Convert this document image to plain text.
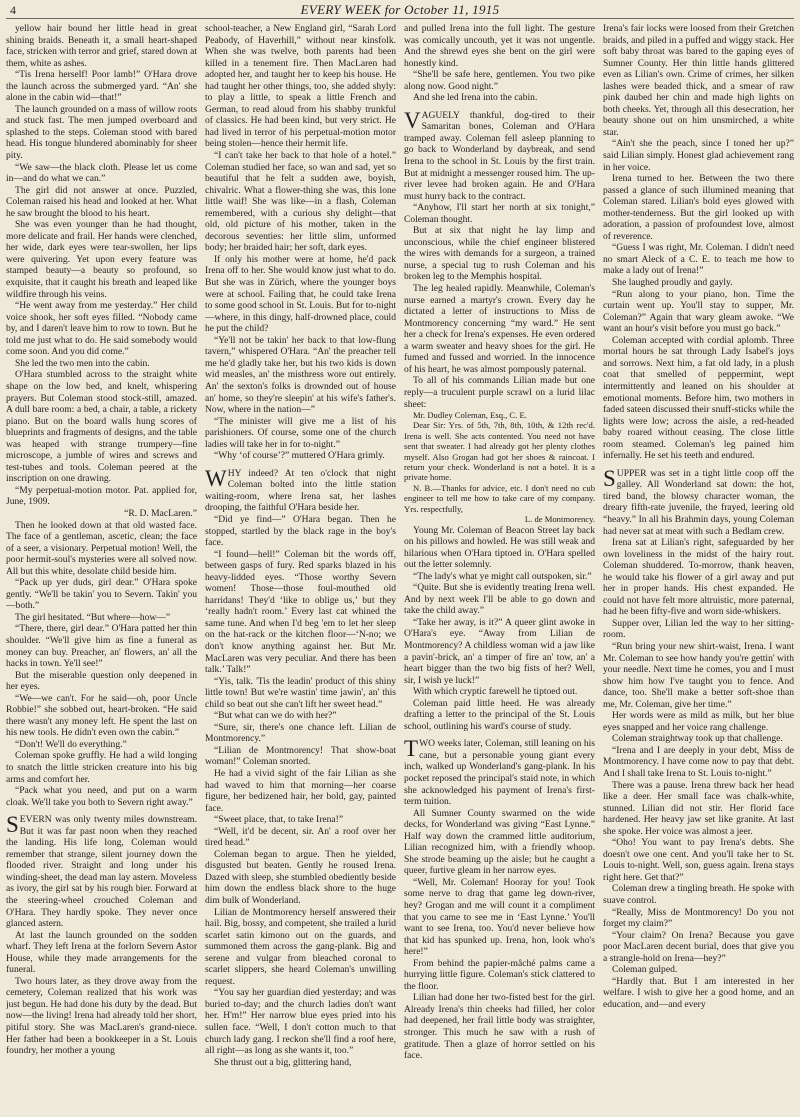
4	EVERY WEEK for October 11, 1915

yellow hair bound her little head in great shining braids. Beneath it, a small heart-shaped face, stricken with terror and grief, stared down at them, white as ashes.

“Tis Irena herself! Poor lamb!” O'Hara drove the launch across the submerged yard. “An' she alone in the cabin wid—that!”

The launch grounded on a mass of willow roots and stuck fast. The men jumped overboard and splashed to the steps. Coleman stood with bared head. His tongue blundered abominably for sheer pity.

“We saw—the black cloth. Please let us come in—and do what we can.”

The girl did not answer at once. Puzzled, Coleman raised his head and looked at her. What he saw brought the blood to his heart.

She was even younger than he had thought, more delicate and frail. Her hands were clenched, her wide, dark eyes were tear-swollen, her lips were quivering. Yet upon every feature was stamped beauty—a beauty so profound, so exquisite, that it caught his breath and leaped like wildfire through his veins.

“He went away from me yesterday.” Her child voice shook, her soft eyes filled. “Nobody came by, and I daren't leave him to row to town. But he told me just what to do. He said somebody would come soon. And you did come.”

She led the two men into the cabin.

O'Hara stumbled across to the straight white shape on the low bed, and knelt, whispering prayers. But Coleman stood stock-still, amazed. A dull bare room: a bed, a chair, a table, a rickety piano. But on the board walls hung scores of blueprints and fragments of designs, and the table was heaped with strange trumpery—fine microscope, a jumble of wires and screws and test-tubes and tools. Coleman peered at the inscription on one drawing.

“My perpetual-motion motor. Pat. applied for, June, 1909.

“R. D. MacLaren.”

Then he looked down at that old wasted face. The face of a gentleman, ascetic, clean; the face of a seer, a visionary. Perpetual motion! Well, the poor hermit-soul's mysteries were all solved now. All but this white, desolate child beside him.

“Pack up yer duds, girl dear.” O'Hara spoke gently. “We'll be takin' you to Severn. Takin' you—both.”

The girl hesitated. “But where—how—”

“There, there, girl dear.” O'Hara patted her thin shoulder. “We'll give him as fine a funeral as money can buy. Preacher, an' flowers, an' all the hacks in town. Ye'll see!”

But the miserable question only deepened in her eyes.

“We—we can't. For he said—oh, poor Uncle Robbie!” she sobbed out, heart-broken. “He said there wasn't any money left. He spent the last on his new tools. He didn't even own the cabin.”

“Don't! We'll do everything.”

Coleman spoke gruffly. He had a wild longing to snatch the little stricken creature into his big arms and comfort her.

“Pack what you need, and put on a warm cloak. We'll take you both to Severn right away.”

SEVERN was only twenty miles downstream. But it was far past noon when they reached the landing. His life long, Coleman would remember that strange, silent journey down the flooded river. Straight and long under his winding-sheet, the dead man lay astern. Moveless as ivory, the girl sat by his rough bier. Forward at the steering-wheel crouched Coleman and O'Hara. They hardly spoke. They never once glanced astern.

At last the launch grounded on the sodden wharf. They left Irena at the forlorn Severn Astor House, while they made arrangements for the funeral.

Two hours later, as they drove away from the cemetery, Coleman realized that his work was just begun. He had done his duty by the dead. But now—the living! Irena had already told her short, pitiful story. She was MacLaren's grand-niece. Her father had been a bookkeeper in a St. Louis foundry, her mother a young

school-teacher, a New England girl, “Sarah Lord Peabody, of Haverhill,” without near kinsfolk. When she was twelve, both parents had been killed in a tenement fire. Then MacLaren had adopted her, and taught her to keep his house. He had taught her other things, too, she added shyly: to play a little, to speak a little French and German, to read aloud from his shabby trunkful of classics. He had been kind, but very strict. He had lived in terror of his perpetual-motion motor being stolen—hence their hermit life.

“I can't take her back to that hole of a hotel.” Coleman studied her face, so wan and sad, yet so beautiful that he felt a sudden awe, boyish, chivalric. What a flower-thing she was, this lone little waif! She was like—in a flash, Coleman remembered, with a curious shy delight—that old, old picture of his mother, taken in the decorous seventies: her little slim, unformed body; her braided hair; her soft, dark eyes.

If only his mother were at home, he'd pack Irena off to her. She would know just what to do. But she was in Zürich, where the younger boys were at school. Failing that, he could take Irena to some good school in St. Louis. But for to-night—where, in this dingy, half-drowned place, could he put the child?

“Ye'll not be takin' her back to that low-flung tavern,” whispered O'Hara. “An' the preacher tell me he'd gladly take her, but his two kids is down wid measles, an' the misthress wore out entirely. An' the sexton's folks is drownded out of house an' home, so they're sleepin' at his wife's father's. Now, where in the nation—”

“The minister will give me a list of his parishioners. Of course, some one of the church ladies will take her in for to-night.”

“Why ‘of course’?” muttered O'Hara grimly.

WHY indeed? At ten o'clock that night Coleman bolted into the little station waiting-room, where Irena sat, her lashes drooping, the faithful O'Hara beside her.

“Did ye find—” O'Hara began. Then he stopped, startled by the black rage in the boy's face.

“I found—hell!” Coleman bit the words off, between gasps of fury. Red sparks blazed in his heavy-lidded eyes. “Those worthy Severn women! Those—those foul-mouthed old harridans! They'd ‘like to oblige us,’ but they ‘really hadn't room.’ Every last cat whined the same tune. And when I'd beg 'em to let her sleep on the hat-rack or the kitchen floor—‘N-no; we don't know anything against her. But Mr. MacLaren was very peculiar. And there has been talk.’ Talk!”

“Yis, talk. 'Tis the leadin' product of this shiny little town! But we're wastin' time jawin', an' this child so beat out she can't lift her sweet head.”

“But what can we do with her?”

“Sure, sir, there's one chance left. Lilian de Montmorency.”

“Lilian de Montmorency! That show-boat woman!” Coleman snorted.

He had a vivid sight of the fair Lilian as she had waved to him that morning—her coarse figure, her bedizened hair, her bold, gay, painted face.

“Sweet place, that, to take Irena!”

“Well, it'd be decent, sir. An' a roof over her tired head.”

Coleman began to argue. Then he yielded, disgusted but beaten. Gently he roused Irena. Dazed with sleep, she stumbled obediently beside him down the endless black shore to the huge dim bulk of Wonderland.

Lilian de Montmorency herself answered their hail. Big, bossy, and competent, she trailed a lurid scarlet satin kimono out on the guards, and summoned them across the gang-plank. Big and serene and vulgar from bleached coronal to scarlet slippers, she heard Coleman's unwilling request.

“You say her guardian died yesterday; and was buried to-day; and the church ladies don't want her. H'm!” Her narrow blue eyes pried into his sullen face. “Well, I don't cotton much to that church lady gang. I reckon she'll find a roof here, all right—as long as she wants it, too.”

She thrust out a big, glittering hand,

and pulled Irena into the full light. The gesture was comically uncouth, yet it was not ungentle. And the shrewd eyes she bent on the girl were honestly kind.

“She'll be safe here, gentlemen. You two pike along now. Good night.”

And she led Irena into the cabin.

VAGUELY thankful, dog-tired to their Samaritan bones, Coleman and O'Hara tramped away. Coleman fell asleep planning to go back to Wonderland by daybreak, and send Irena to the school in St. Louis by the first train. But at midnight a messenger roused him. The up-river levee had broken again. He and O'Hara must hurry back to the contract.

“Anyhow, I'll start her north at six tonight,” Coleman thought.

But at six that night he lay limp and unconscious, while the chief engineer blistered the wires with demands for a surgeon, a trained nurse, a special tug to rush Coleman and his broken leg to the Memphis hospital.

The leg healed rapidly. Meanwhile, Coleman's nurse earned a martyr's crown. Every day he dictated a letter of instructions to Miss de Montmorency concerning “my ward.” He sent her a check for Irena's expenses. He even ordered a warm sweater and heavy shoes for the girl. He fumed and fussed and worried. In the innocence of his heart, he was almost pompously paternal.

To all of his commands Lilian made but one reply—a truculent purple scrawl on a lurid lilac sheet:

Mr. Dudley Coleman, Esq., C. E.

Dear Sir: Yrs. of 5th, 7th, 8th, 10th, & 12th rec'd. Irena is well. She acts contented. You need not have sent that sweater. I had already got her plenty clothes myself. Also Grogan had got her shoes & raincoat. I return your check. Wonderland is not a hotel. It is a private home.

N. B.—Thanks for advice, etc. I don't need no cub engineer to tell me how to take care of my company. Yrs. respectfully,

L. de Montmorency.

Young Mr. Coleman of Beacon Street lay back on his pillows and howled. He was still weak and hilarious when O'Hara tiptoed in. O'Hara spelled out the letter solemnly.

“The lady's what ye might call outspoken, sir.”

“Quite. But she is evidently treating Irena well. And by next week I'll be able to go down and take the child away.”

“Take her away, is it?” A queer glint awoke in O'Hara's eye. “Away from Lilian de Montmorency? A childless woman wid a jaw like a pavin'-brick, an' a timper of fire an' tow, an' a heart bigger than the two big fists of her? Well, sir, I wish ye luck!”

With which cryptic farewell he tiptoed out.

Coleman paid little heed. He was already drafting a letter to the principal of the St. Louis school, outlining his ward's course of study.

TWO weeks later, Coleman, still leaning on his cane, but a personable young giant every inch, walked up Wonderland's gang-plank. In his pocket reposed the principal's staid note, in which she acknowledged his payment of Irena's first-term tuition.

All Sumner County swarmed on the wide decks, for Wonderland was giving “East Lynne.” Half way down the crammed little auditorium, Lilian recognized him, with a friendly whoop. She strode beaming up the aisle; but he caught a queer, furtive gleam in her narrow eyes.

“Well, Mr. Coleman! Hooray for you! Took some nerve to drag that game leg down-river, hey? Grogan and me will count it a compliment that you came to see me in ‘East Lynne.’ You'll want to see Irena, too. You'd never believe how that kid has spunked up. Irena, hon, look who's here!”

From behind the papier-mâché palms came a hurrying little figure. Coleman's stick clattered to the floor.

Lilian had done her two-fisted best for the girl. Already Irena's thin cheeks had filled, her color had deepened, her frail little body was straighter, stronger. This much he saw with a rush of gratitude. Then a glaze of horror settled on his face.

Irena's fair locks were loosed from their Gretchen braids, and piled in a puffed and wiggy stack. Her soft baby throat was bared to the gaping eyes of Sumner County. Her thin little hands glittered even as Lilian's own. Crime of crimes, her silken lashes were beaded thick, and a smear of raw pink daubed her chin and made high lights on both cheeks. Yet, through all this desecration, her beauty shone out on him unsmirched, a white star.

“Ain't she the peach, since I toned her up?” said Lilian simply. Honest glad achievement rang in her voice.

Irena turned to her. Between the two there passed a glance of such illumined meaning that Coleman stared. Lilian's bold eyes glowed with mother-tenderness. But the girl looked up with adoration, a passion of profoundest love, almost of reverence.

“Guess I was right, Mr. Coleman. I didn't need no smart Aleck of a C. E. to teach me how to make a lady out of Irena!”

She laughed proudly and gayly.

“Run along to your piano, hon. Time the curtain went up. You'll stay to supper, Mr. Coleman?” Again that wary gleam awoke. “We want an hour's visit before you must go back.”

Coleman accepted with cordial aplomb. Three mortal hours he sat through Lady Isabel's joys and sorrows. Next him, a fat old lady, in a plush coat that smelled of peppermint, wept intermittently and leaned on his shoulder at emotional moments. Before him, two mothers in faded sateen discussed their snuff-sticks while the lights were low; across the aisle, a red-headed baby roared without ceasing. The close little room steamed. Coleman's leg pained him infernally. He set his teeth and endured.

SUPPER was set in a tight little coop off the galley. All Wonderland sat down: the hot, tired band, the blowsy character woman, the dreary fifth-rate juvenile, the frayed, leering old “heavy.” In all his Brahmin days, young Coleman had never sat at meat with such a Bedlam crew.

Irena sat at Lilian's right, safeguarded by her own loveliness in the midst of the hairy rout. Coleman shuddered. To-morrow, thank heaven, he would take his flower of a girl away and put her in proper hands. His chest expanded. He could not have felt more altruistic, more paternal, had he been fifty-five and worn side-whiskers.

Supper over, Lilian led the way to her sitting-room.

“Run bring your new shirt-waist, Irena. I want Mr. Coleman to see how handy you're gettin' with your needle. Next time he comes, you and I must show him how I've taught you to fence. And dance, too. She'll make a better soft-shoe than me, Mr. Coleman, give her time.”

Her words were as mild as milk, but her blue eyes snapped and her voice rang challenge.

Coleman straightway took up that challenge.

“Irena and I are deeply in your debt, Miss de Montmorency. I have come now to pay that debt. And I shall take Irena to St. Louis to-night.”

There was a pause. Irena threw back her head like a deer. Her small face was chalk-white, stunned. Lilian did not stir. Her florid face hardened. Her heavy jaw set like granite. At last she spoke. Her voice was almost a jeer.

“Oho! You want to pay Irena's debts. She doesn't owe one cent. And you'll take her to St. Louis to-night. Well, son, guess again. Irena stays right here. Get that?”

Coleman drew a tingling breath. He spoke with suave control.

“Really, Miss de Montmorency! Do you not forget my claim?”

“Your claim? On Irena? Because you gave poor MacLaren decent burial, does that give you a strangle-hold on Irena—hey?”

Coleman gulped.

“Hardly that. But I am interested in her welfare. I wish to give her a good home, and an education, and—and every
